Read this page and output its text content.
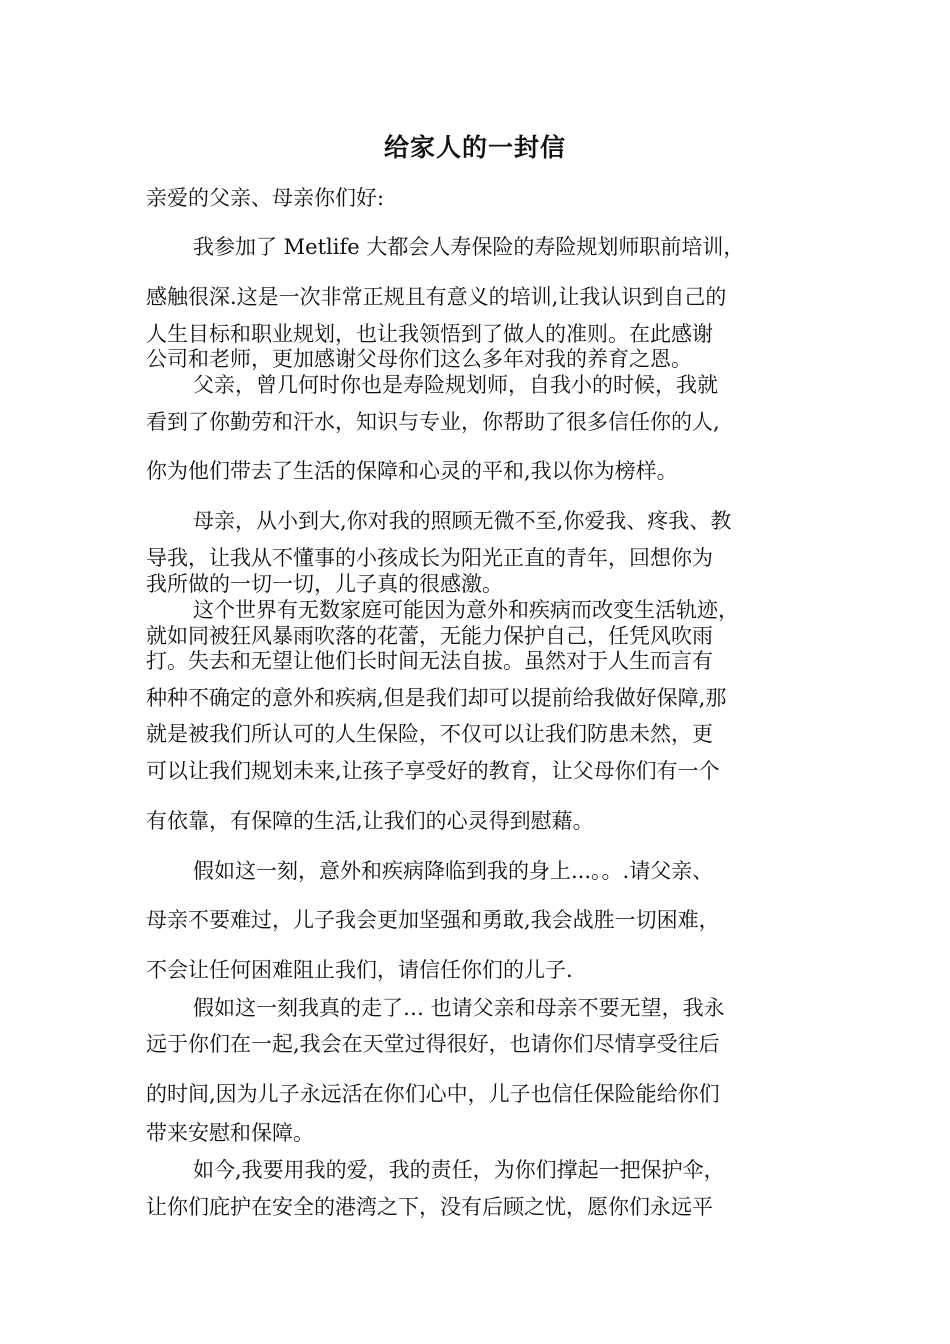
给家人的一封信
亲爱的父亲、母亲你们好:
我参加了 Metlife 大都会人寿保险的寿险规划师职前培训，
感触很深.这是一次非常正规且有意义的培训,让我认识到自己的
人生目标和职业规划，也让我领悟到了做人的准则。在此感谢
公司和老师，更加感谢父母你们这么多年对我的养育之恩。
父亲，曾几何时你也是寿险规划师，自我小的时候，我就
看到了你勤劳和汗水，知识与专业，你帮助了很多信任你的人,
你为他们带去了生活的保障和心灵的平和,我以你为榜样。
母亲，从小到大,你对我的照顾无微不至,你爱我、疼我、教
导我，让我从不懂事的小孩成长为阳光正直的青年，回想你为
我所做的一切一切，儿子真的很感激。
这个世界有无数家庭可能因为意外和疾病而改变生活轨迹，
就如同被狂风暴雨吹落的花蕾，无能力保护自己，任凭风吹雨
打。失去和无望让他们长时间无法自拔。虽然对于人生而言有
种种不确定的意外和疾病,但是我们却可以提前给我做好保障,那
就是被我们所认可的人生保险，不仅可以让我们防患未然，更
可以让我们规划未来,让孩子享受好的教育，让父母你们有一个
有依靠，有保障的生活,让我们的心灵得到慰藉。
假如这一刻，意外和疾病降临到我的身上...。。.请父亲、
母亲不要难过，儿子我会更加坚强和勇敢,我会战胜一切困难，
不会让任何困难阻止我们，请信任你们的儿子.
假如这一刻我真的走了… 也请父亲和母亲不要无望，我永
远于你们在一起,我会在天堂过得很好，也请你们尽情享受往后
的时间,因为儿子永远活在你们心中，儿子也信任保险能给你们
带来安慰和保障。
如今,我要用我的爱，我的责任，为你们撑起一把保护伞，
让你们庇护在安全的港湾之下，没有后顾之忧，愿你们永远平
